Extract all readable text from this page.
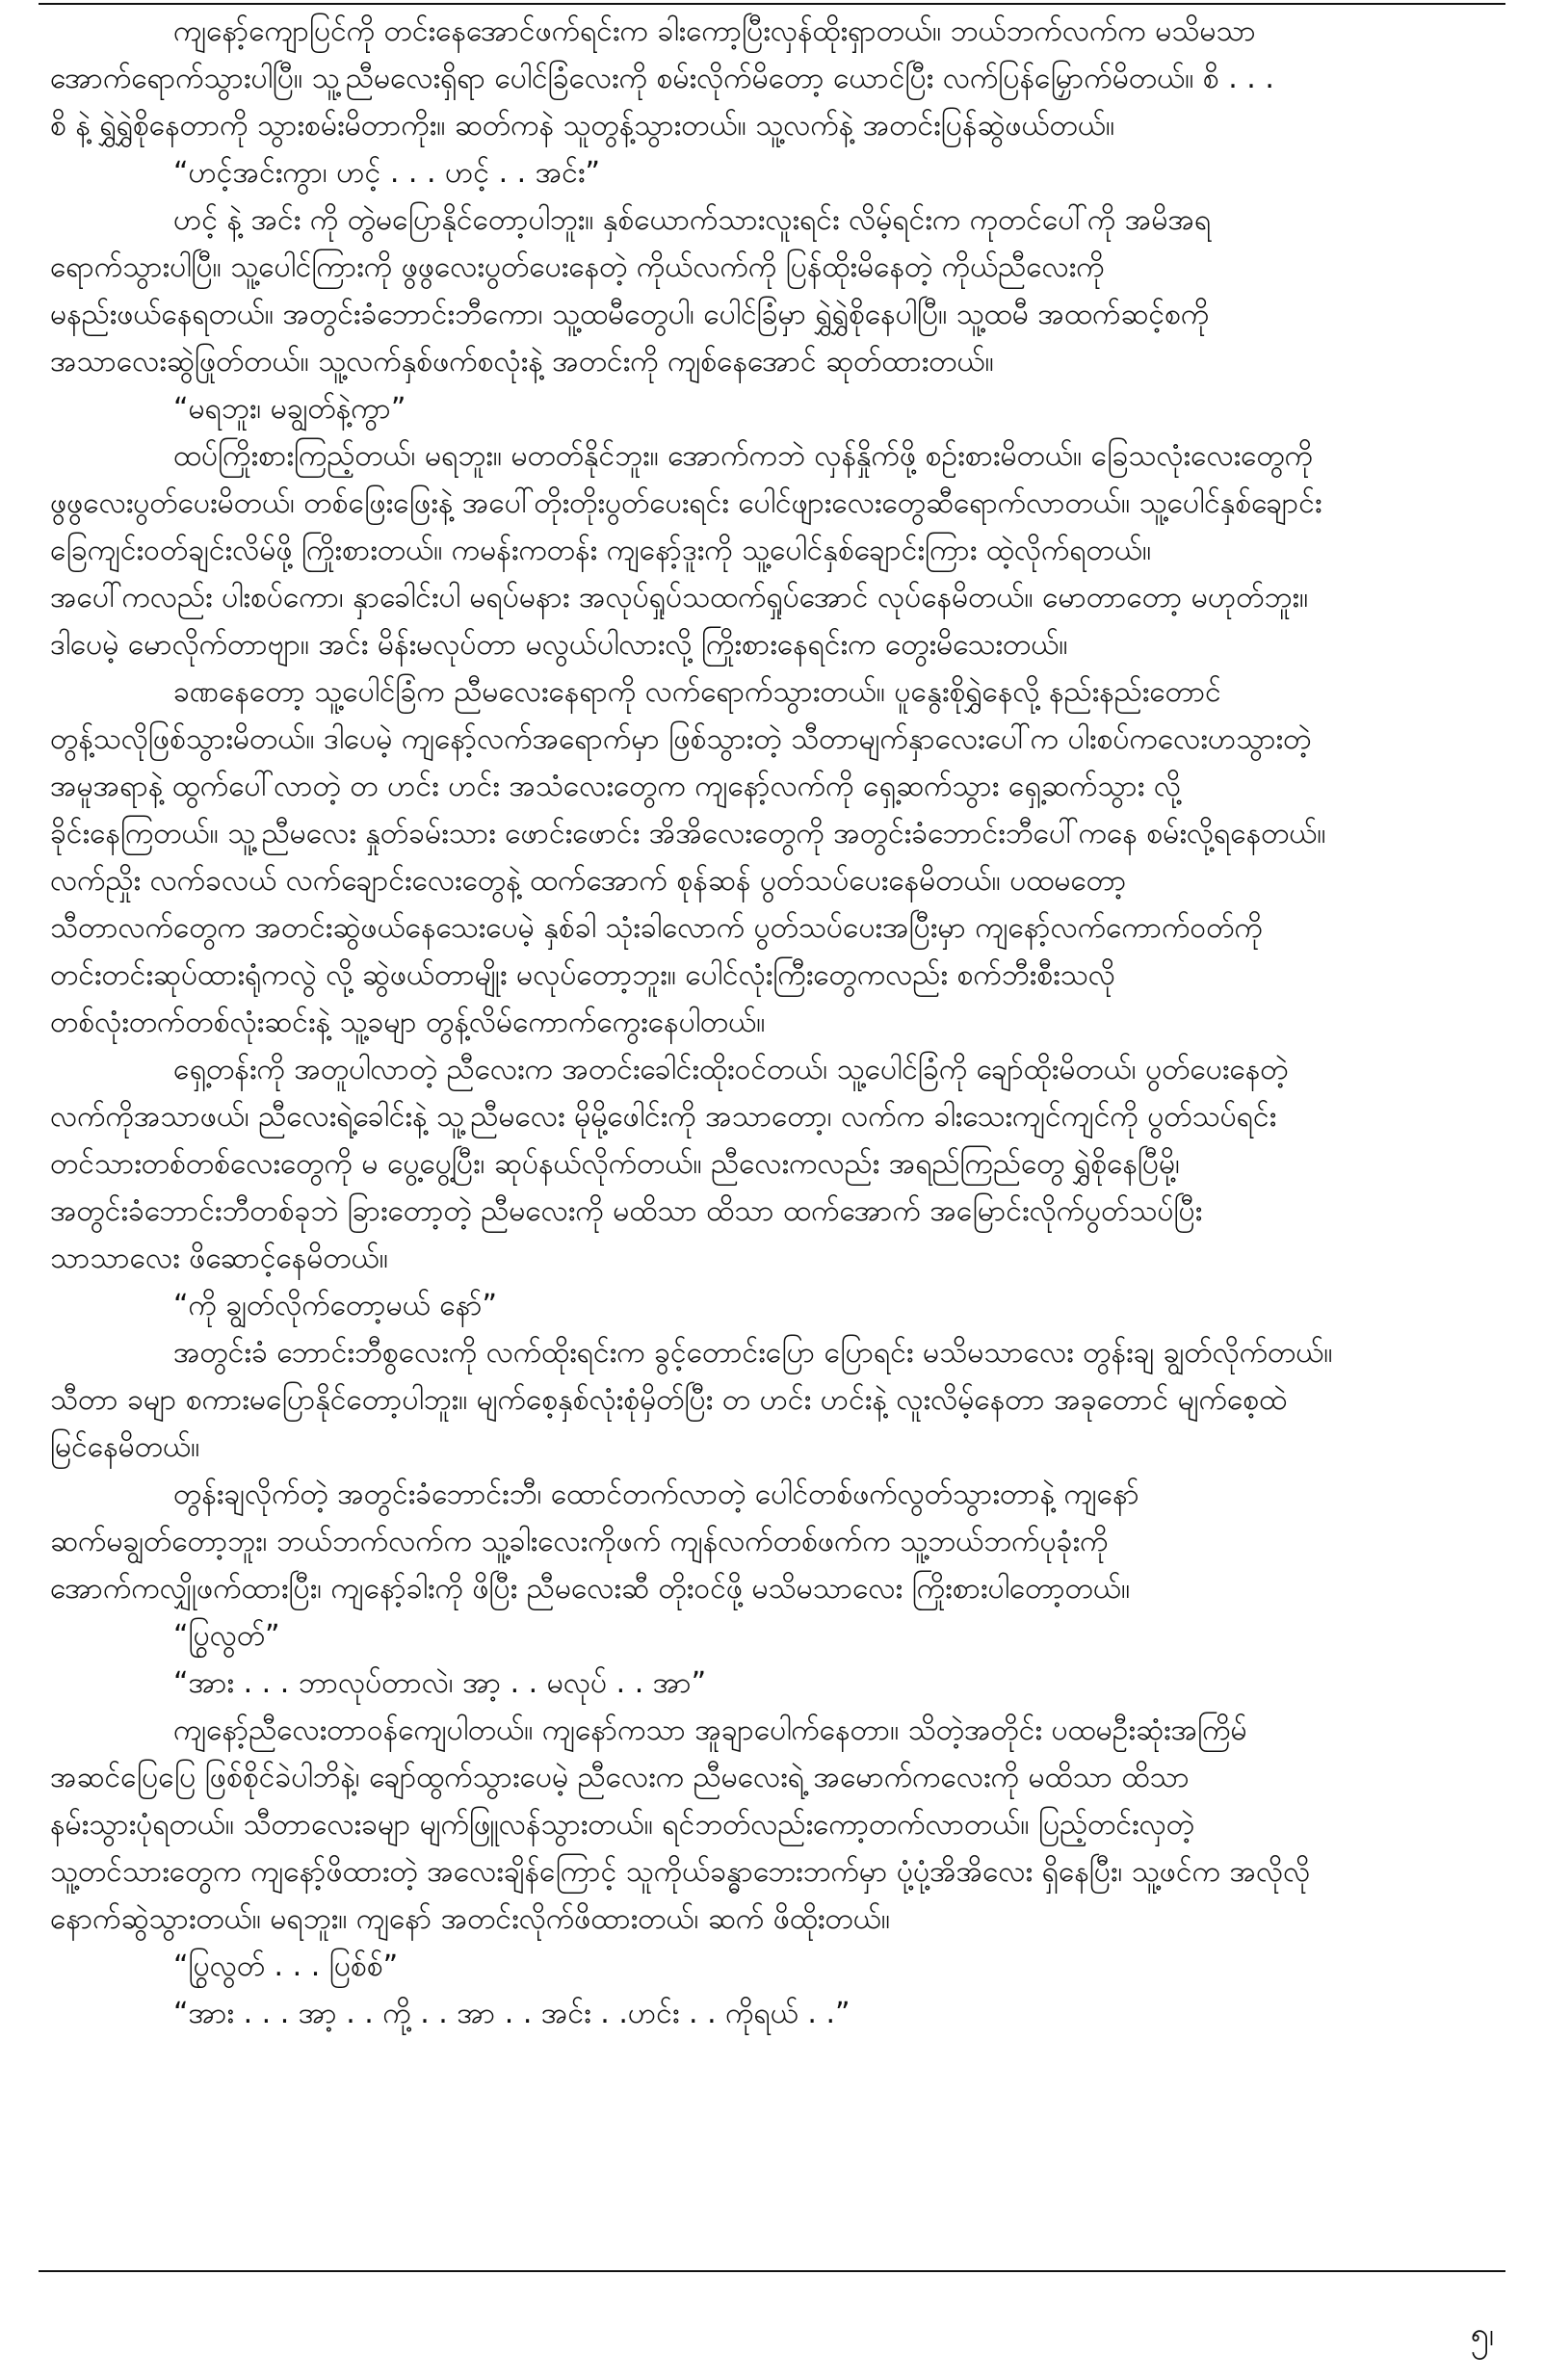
ကျနော့်ကျောပြင်ကို တင်းနေအောင်ဖက်ရင်းက ခါးကော့ပြီးလှန်ထိုးရှာတယ်။ ဘယ်ဘက်လက်က မသိမသာ
အောက်ရောက်သွားပါပြီ။ သူ့ညီမလေးရှိရာ ပေါင်ခြံလေးကို စမ်းလိုက်မိတော့ ယောင်ပြီး လက်ပြန်မြှောက်မိတယ်။ စိ . . .
စိ နဲ့ ရွှဲရွှဲစိုနေတာကို သွားစမ်းမိတာကိုး။ ဆတ်ကနဲ သူတွန့်သွားတယ်။ သူ့လက်နဲ့ အတင်းပြန်ဆွဲဖယ်တယ်။
“ဟင့်အင်းကွာ၊ ဟင့် . . . ဟင့် . . အင်း”
ဟင့် နဲ့ အင်း ကို တွဲမပြောနိုင်တော့ပါဘူး။ နှစ်ယောက်သားလူးရင်း လိမ့်ရင်းက ကုတင်ပေါ်ကို အမိအရ
ရောက်သွားပါပြီ။ သူ့ပေါင်ကြားကို ဖွဖွလေးပွတ်ပေးနေတဲ့ ကိုယ်လက်ကို ပြန်ထိုးမိနေတဲ့ ကိုယ်ညီလေးကို
မနည်းဖယ်နေရတယ်။ အတွင်းခံဘောင်းဘီကော၊ သူ့ထမီတွေပါ၊ ပေါင်ခြံမှာ ရွှဲရွှဲစိုနေပါပြီ။ သူ့ထမီ အထက်ဆင့်စကို
အသာလေးဆွဲဖြုတ်တယ်။ သူ့လက်နှစ်ဖက်စလုံးနဲ့ အတင်းကို ကျစ်နေအောင် ဆုတ်ထားတယ်။
“မရဘူး၊ မချွတ်နဲ့ကွာ”
ထပ်ကြိုးစားကြည့်တယ်၊ မရဘူး။ မတတ်နိုင်ဘူး။ အောက်ကဘဲ လှန်နှိုက်ဖို့ စဉ်းစားမိတယ်။ ခြေသလုံးလေးတွေကို
ဖွဖွလေးပွတ်ပေးမိတယ်၊ တစ်ဖြေးဖြေးနဲ့ အပေါ်တိုးတိုးပွတ်ပေးရင်း ပေါင်ဖျားလေးတွေဆီရောက်လာတယ်။ သူ့ပေါင်နှစ်ချောင်း
ခြေကျင်းဝတ်ချင်းလိမ်ဖို့ ကြိုးစားတယ်။ ကမန်းကတန်း ကျနော့်ဒူးကို သူ့ပေါင်နှစ်ချောင်းကြား ထဲ့လိုက်ရတယ်။
အပေါ်ကလည်း ပါးစပ်ကော၊ နှာခေါင်းပါ မရပ်မနား အလုပ်ရှုပ်သထက်ရှုပ်အောင် လုပ်နေမိတယ်။ မောတာတော့ မဟုတ်ဘူး။
ဒါပေမဲ့ မောလိုက်တာဗျာ။ အင်း မိန်းမလုပ်တာ မလွယ်ပါလားလို့ ကြိုးစားနေရင်းက တွေးမိသေးတယ်။
ခဏနေတော့ သူ့ပေါင်ခြံက ညီမလေးနေရာကို လက်ရောက်သွားတယ်။ ပူနွေးစိုရွှဲနေလို့ နည်းနည်းတောင်
တွန့်သလိုဖြစ်သွားမိတယ်။ ဒါပေမဲ့ ကျနော့်လက်အရောက်မှာ ဖြစ်သွားတဲ့ သီတာမျက်နှာလေးပေါ်က ပါးစပ်ကလေးဟသွားတဲ့
အမူအရာနဲ့ ထွက်ပေါ်လာတဲ့ တ ဟင်း ဟင်း အသံလေးတွေက ကျနော့်လက်ကို ရှေ့ဆက်သွား ရှေ့ဆက်သွား လို့
ခိုင်းနေကြတယ်။ သူ့ညီမလေး နှုတ်ခမ်းသား ဖောင်းဖောင်း အိအိလေးတွေကို အတွင်းခံဘောင်းဘီပေါ်ကနေ စမ်းလို့ရနေတယ်။
လက်ညှိုး လက်ခလယ် လက်ချောင်းလေးတွေနဲ့ ထက်အောက် စုန်ဆန် ပွတ်သပ်ပေးနေမိတယ်။ ပထမတော့
သီတာလက်တွေက အတင်းဆွဲဖယ်နေသေးပေမဲ့ နှစ်ခါ သုံးခါလောက် ပွတ်သပ်ပေးအပြီးမှာ ကျနော့်လက်ကောက်ဝတ်ကို
တင်းတင်းဆုပ်ထားရုံကလွဲ လို့ ဆွဲဖယ်တာမျိုး မလုပ်တော့ဘူး။ ပေါင်လုံးကြီးတွေကလည်း စက်ဘီးစီးသလို
တစ်လုံးတက်တစ်လုံးဆင်းနဲ့ သူ့ခမျာ တွန့်လိမ်ကောက်ကွေးနေပါတယ်။
ရှေ့တန်းကို အတူပါလာတဲ့ ညီလေးက အတင်းခေါင်းထိုးဝင်တယ်၊ သူ့ပေါင်ခြံကို ချော်ထိုးမိတယ်၊ ပွတ်ပေးနေတဲ့
လက်ကိုအသာဖယ်၊ ညီလေးရဲ့ခေါင်းနဲ့ သူ့ညီမလေး မိုမို့ဖေါင်းကို အသာတော့၊ လက်က ခါးသေးကျင်ကျင်ကို ပွတ်သပ်ရင်း
တင်သားတစ်တစ်လေးတွေကို မ ပွေ့ပွေ့ပြီး၊ ဆုပ်နယ်လိုက်တယ်။ ညီလေးကလည်း အရည်ကြည်တွေ ရွှဲစိုနေပြီမို့၊
အတွင်းခံဘောင်းဘီတစ်ခုဘဲ ခြားတော့တဲ့ ညီမလေးကို မထိသာ ထိသာ ထက်အောက် အမြောင်းလိုက်ပွတ်သပ်ပြီး
သာသာလေး ဖိဆောင့်နေမိတယ်။
“ကို ချွတ်လိုက်တော့မယ် နော်”
အတွင်းခံ ဘောင်းဘီစွလေးကို လက်ထိုးရင်းက ခွင့်တောင်းပြော ပြောရင်း မသိမသာလေး တွန်းချ ချွတ်လိုက်တယ်။
သီတာ ခမျာ စကားမပြောနိုင်တော့ပါဘူး။ မျက်စေ့နှစ်လုံးစုံမှိတ်ပြီး တ ဟင်း ဟင်းနဲ့ လူးလိမ့်နေတာ အခုတောင် မျက်စေ့ထဲ
မြင်နေမိတယ်။
တွန်းချလိုက်တဲ့ အတွင်းခံဘောင်းဘီ၊ ထောင်တက်လာတဲ့ ပေါင်တစ်ဖက်လွတ်သွားတာနဲ့ ကျနော်
ဆက်မချွတ်တော့ဘူး၊ ဘယ်ဘက်လက်က သူ့ခါးလေးကိုဖက် ကျန်လက်တစ်ဖက်က သူ့ဘယ်ဘက်ပုခုံးကို
အောက်ကလျှိုဖက်ထားပြီး၊ ကျနော့်ခါးကို ဖိပြီး ညီမလေးဆီ တိုးဝင်ဖို့ မသိမသာလေး ကြိုးစားပါတော့တယ်။
“ပြွလွတ်”
“အား . . . ဘာလုပ်တာလဲ၊ အာ့ . . မလုပ် . . အာ”
ကျနော့်ညီလေးတာဝန်ကျေပါတယ်။ ကျနော်ကသာ အူချာပေါက်နေတာ။ သိတဲ့အတိုင်း ပထမဦးဆုံးအကြိမ်
အဆင်ပြေပြေ ဖြစ်စိုင်ခဲပါဘိနဲ့၊ ချော်ထွက်သွားပေမဲ့ ညီလေးက ညီမလေးရဲ့ အမောက်ကလေးကို မထိသာ ထိသာ
နမ်းသွားပုံရတယ်။ သီတာလေးခမျာ မျက်ဖြူလန်သွားတယ်။ ရင်ဘတ်လည်းကော့တက်လာတယ်။ ပြည့်တင်းလှတဲ့
သူ့တင်သားတွေက ကျနော့်ဖိထားတဲ့ အလေးချိန်ကြောင့် သူကိုယ်ခန္ဓာဘေးဘက်မှာ ပုံ့ပုံ့အိအိလေး ရှိနေပြီး၊ သူ့ဖင်က အလိုလို
နောက်ဆွဲသွားတယ်။ မရဘူး။ ကျနော် အတင်းလိုက်ဖိထားတယ်၊ ဆက် ဖိထိုးတယ်။
“ပြွလွတ် . . . ပြစ်စ်”
“အား . . . အာ့ . . ကို့ . . အာ . . အင်း . .ဟင်း . . ကိုရယ် . .”
၅၊
